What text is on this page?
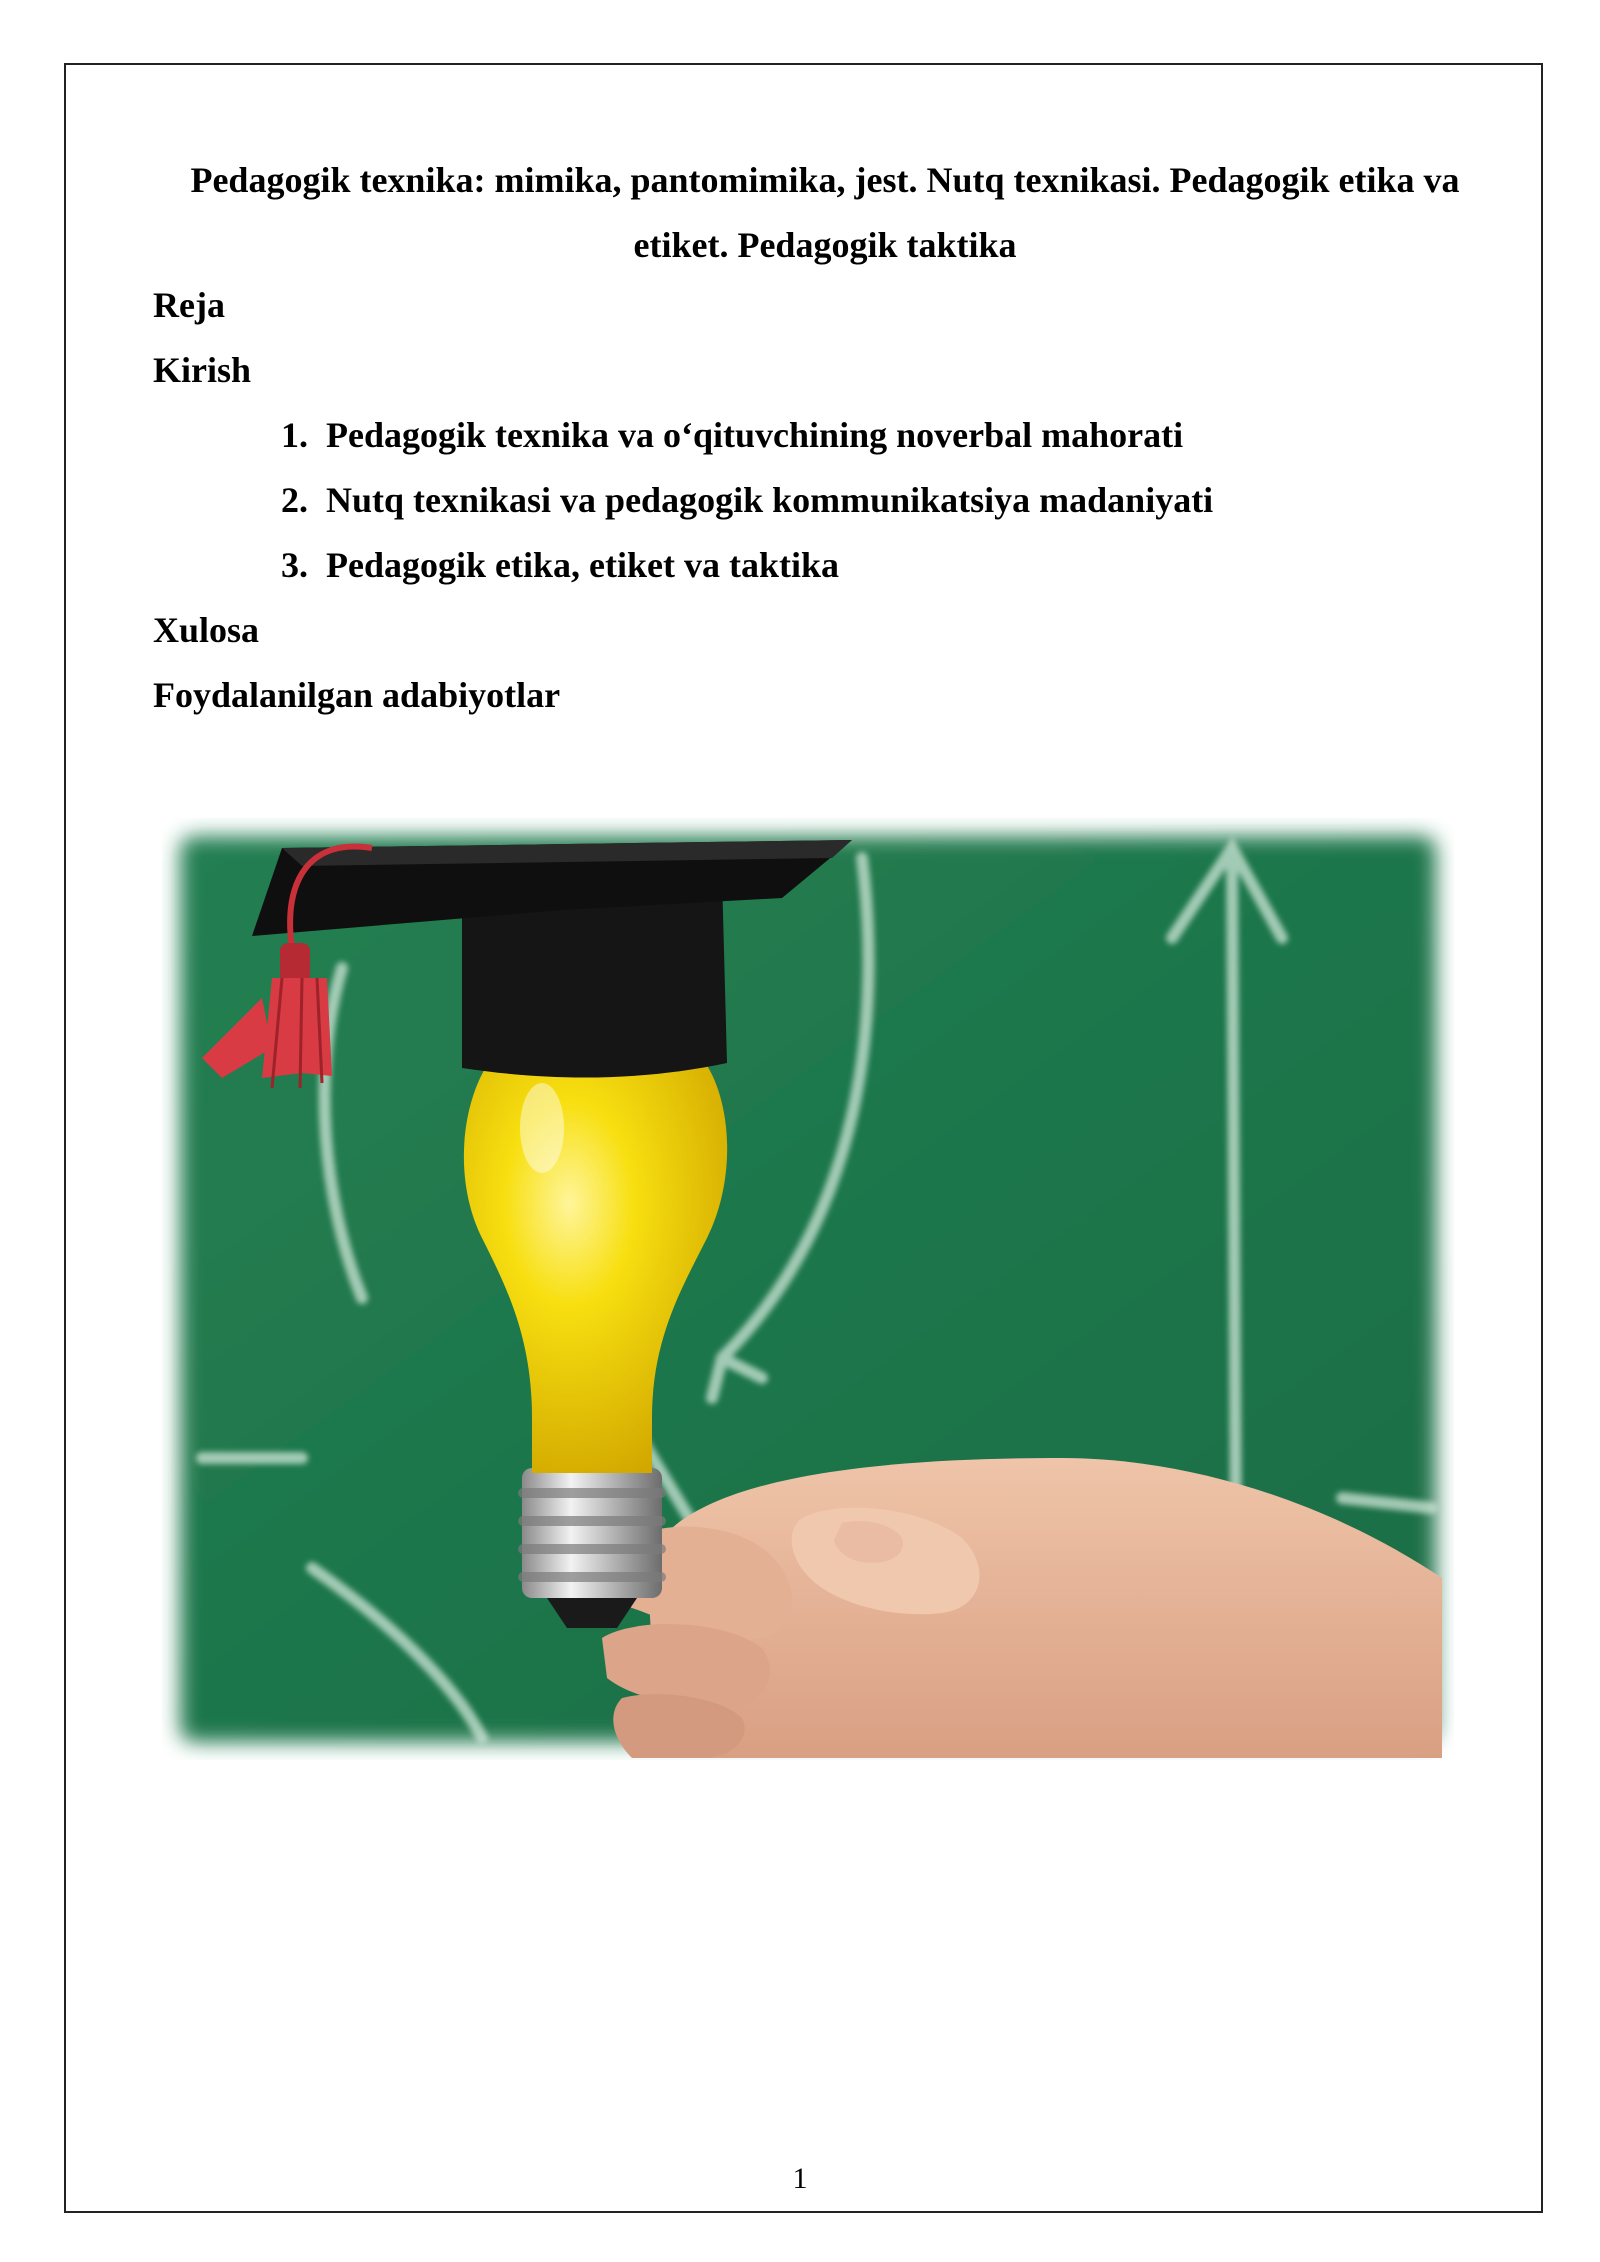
Pedagogik texnika: mimika, pantomimika, jest. Nutq texnikasi. Pedagogik etika va etiket. Pedagogik taktika
Reja
Kirish
1. Pedagogik texnika va o‘qituvchining noverbal mahorati
2. Nutq texnikasi va pedagogik kommunikatsiya madaniyati
3. Pedagogik etika, etiket va taktika
Xulosa
Foydalanilgan adabiyotlar
1
